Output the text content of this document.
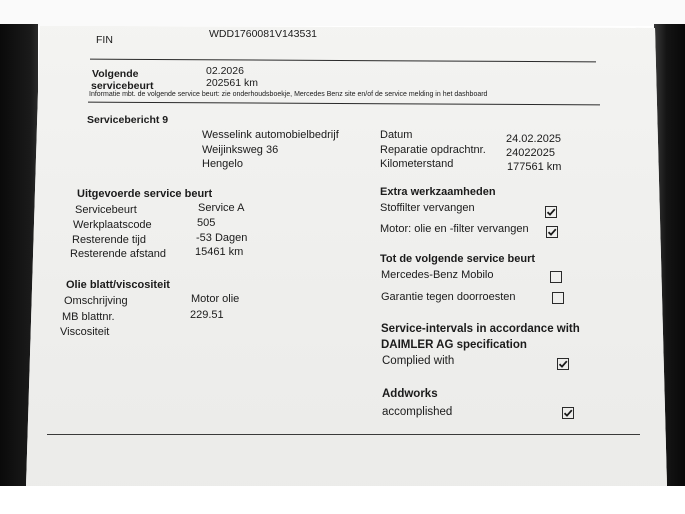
FIN	WDD1760081V143531
Volgende
servicebeurt
02.2026
202561 km
Informatie mbt. de volgende service beurt: zie onderhoudsboekje, Mercedes Benz site en/of de service melding in het dashboard
Servicebericht 9
Wesselink automobielbedrijf
Weijinksweg 36
Hengelo
Datum	24.02.2025
Reparatie opdrachtnr. 24022025
Kilometerstand	177561 km
Uitgevoerde service beurt
Servicebeurt	Service A
Werkplaatscode	505
Resterende tijd	-53 Dagen
Resterende afstand	15461 km
Olie blatt/viscositeit
Omschrijving	Motor olie
MB blattnr.	229.51
Viscositeit
Extra werkzaamheden
Stoffilter vervangen
Motor: olie en -filter vervangen
Tot de volgende service beurt
Mercedes-Benz Mobilo
Garantie tegen doorroesten
Service-intervals in accordance with
DAIMLER AG specification
Complied with
Addworks
accomplished
